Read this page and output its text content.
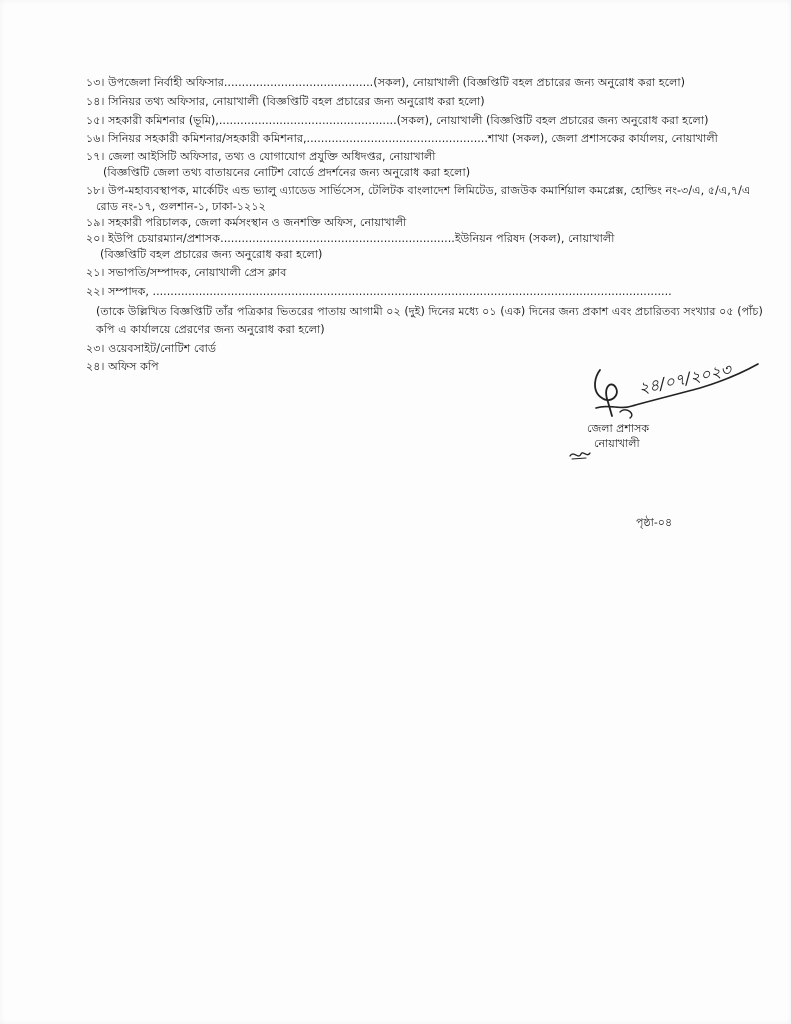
১৩। উপজেলা নির্বাহী অফিসার..........................................(সকল), নোয়াখালী (বিজ্ঞপ্তিটি বহল প্রচারের জন্য অনুরোধ করা হলো)
১৪। সিনিয়র তথ্য অফিসার, নোয়াখালী (বিজ্ঞপ্তিটি বহল প্রচারের জন্য অনুরোধ করা হলো)
১৫। সহকারী কমিশনার (ভূমি),..................................................(সকল), নোয়াখালী (বিজ্ঞপ্তিটি বহল প্রচারের জন্য অনুরোধ করা হলো)
১৬। সিনিয়র সহকারী কমিশনার/সহকারী কমিশনার,...................................................শাখা (সকল), জেলা প্রশাসকের কার্যালয়, নোয়াখালী
১৭। জেলা আইসিটি অফিসার, তথ্য ও যোগাযোগ প্রযুক্তি অধিদপ্তর, নোয়াখালী
(বিজ্ঞপ্তিটি জেলা তথ্য বাতায়নের নোটিশ বোর্ডে প্রদর্শনের জন্য অনুরোধ করা হলো)
১৮। উপ-মহাব্যবস্থাপক, মার্কেটিং এন্ড ভ্যালু এ্যাডেড সার্ভিসেস, টেলিটক বাংলাদেশ লিমিটেড, রাজউক কমার্শিয়াল কমপ্লেক্স, হোল্ডিং নং-৩/এ, ৫/এ,৭/এ
রোড নং-১৭, গুলশান-১, ঢাকা-১২১২
১৯। সহকারী পরিচালক, জেলা কর্মসংস্থান ও জনশক্তি অফিস, নোয়াখালী
২০। ইউপি চেয়ারম্যান/প্রশাসক..................................................................ইউনিয়ন পরিষদ (সকল), নোয়াখালী
(বিজ্ঞপ্তিটি বহল প্রচারের জন্য অনুরোধ করা হলো)
২১। সভাপতি/সম্পাদক, নোয়াখালী প্রেস ক্লাব
২২। সম্পাদক, ..................................................................................................................................................
(তাকে উল্লিখিত বিজ্ঞপ্তিটি তাঁর পত্রিকার ভিতরের পাতায় আগামী ০২ (দুই) দিনের মধ্যে ০১ (এক) দিনের জন্য প্রকাশ এবং প্রচারিতব্য সংখ্যার ০৫ (পাঁচ)
কপি এ কার্যালয়ে প্রেরণের জন্য অনুরোধ করা হলো)
২৩। ওয়েবসাইট/নোটিশ বোর্ড
২৪। অফিস কপি	২৪/০৭/২০২৩
জেলা প্রশাসক
নোয়াখালী
পৃষ্ঠা-০৪
